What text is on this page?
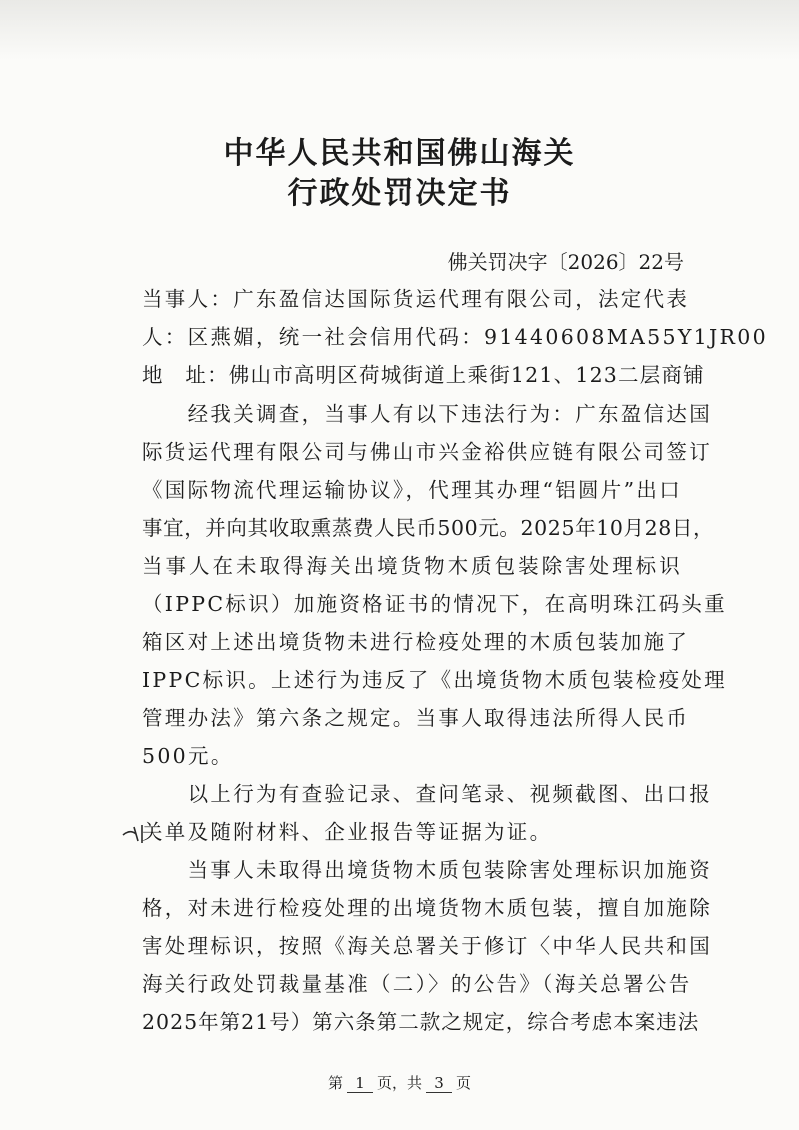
中华人民共和国佛山海关
行政处罚决定书
佛关罚决字〔2026〕22号
当事人：广东盈信达国际货运代理有限公司，法定代表
人：区燕媚，统一社会信用代码：91440608MA55Y1JR00
地　址：佛山市高明区荷城街道上乘街121、123二层商铺
　　经我关调查，当事人有以下违法行为：广东盈信达国
际货运代理有限公司与佛山市兴金裕供应链有限公司签订
《国际物流代理运输协议》，代理其办理“铝圆片”出口
事宜，并向其收取熏蒸费人民币500元。2025年10月28日，
当事人在未取得海关出境货物木质包装除害处理标识
（IPPC标识）加施资格证书的情况下，在高明珠江码头重
箱区对上述出境货物未进行检疫处理的木质包装加施了
IPPC标识。上述行为违反了《出境货物木质包装检疫处理
管理办法》第六条之规定。当事人取得违法所得人民币
500元。
　　以上行为有查验记录、查问笔录、视频截图、出口报
关单及随附材料、企业报告等证据为证。
　　当事人未取得出境货物木质包装除害处理标识加施资
格，对未进行检疫处理的出境货物木质包装，擅自加施除
害处理标识，按照《海关总署关于修订〈中华人民共和国
海关行政处罚裁量基准（二）〉的公告》（海关总署公告
2025年第21号）第六条第二款之规定，综合考虑本案违法
第 1 页，共 3 页
